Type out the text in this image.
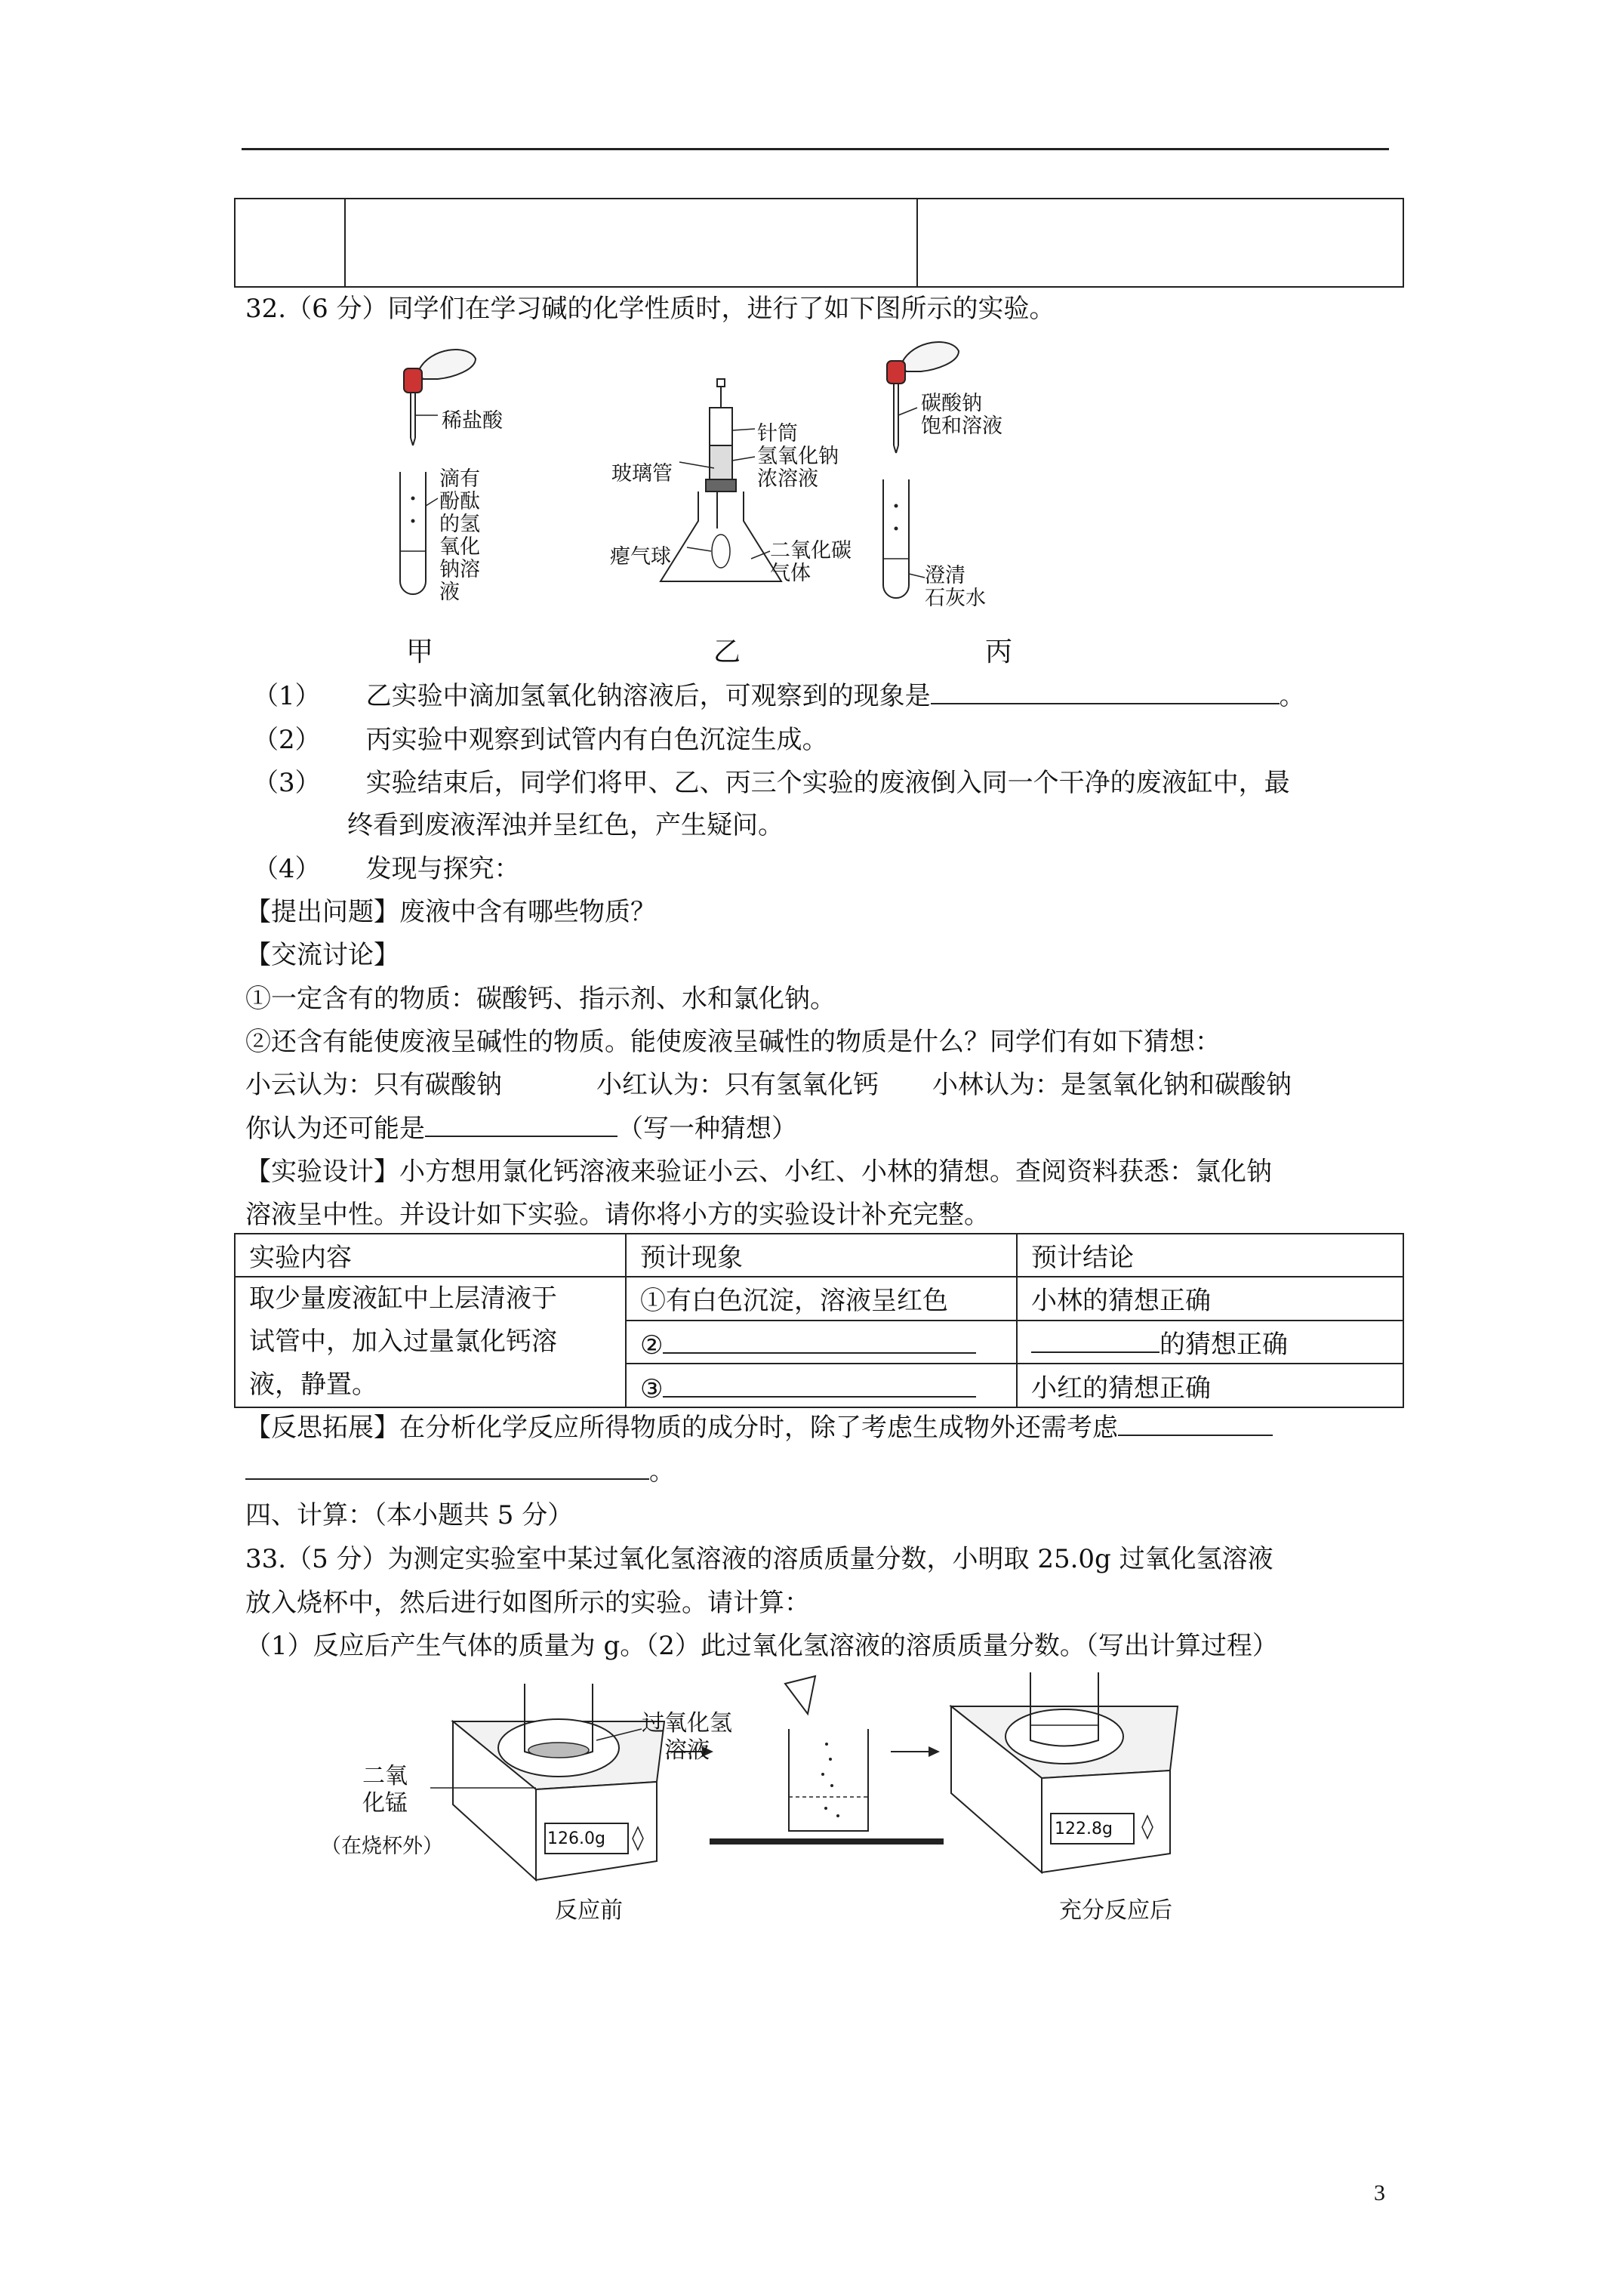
32.（6 分）同学们在学习碱的化学性质时，进行了如下图所示的实验。
稀盐酸
滴有
酚酞
的氢
氧化
钠溶
液
针筒
氢氧化钠
浓溶液
玻璃管
瘪气球	二氧化碳
气体
碳酸钠
饱和溶液
澄清
石灰水
甲	乙	丙
（1） 乙实验中滴加氢氧化钠溶液后，可观察到的现象是	。
（2） 丙实验中观察到试管内有白色沉淀生成。
（3） 实验结束后，同学们将甲、乙、丙三个实验的废液倒入同一个干净的废液缸中，最
终看到废液浑浊并呈红色，产生疑问。
（4） 发现与探究：
【提出问题】废液中含有哪些物质？
【交流讨论】
①一定含有的物质：碳酸钙、指示剂、水和氯化钠。
②还含有能使废液呈碱性的物质。能使废液呈碱性的物质是什么？同学们有如下猜想：
小云认为：只有碳酸钠	小红认为：只有氢氧化钙 小林认为：是氢氧化钠和碳酸钠
你认为还可能是	（写一种猜想）
【实验设计】小方想用氯化钙溶液来验证小云、小红、小林的猜想。查阅资料获悉：氯化钠
溶液呈中性。并设计如下实验。请你将小方的实验设计补充完整。
实验内容	预计现象	预计结论

取少量废液缸中上层清液于
试管中，加入过量氯化钙溶
液，静置。	①有白色沉淀，溶液呈红色	小林的猜想正确
	②	的猜想正确
	③	小红的猜想正确
【反思拓展】在分析化学反应所得物质的成分时，除了考虑生成物外还需考虑
。
四、计算：（本小题共 5 分）
33.（5 分）为测定实验室中某过氧化氢溶液的溶质质量分数，小明取 25.0g 过氧化氢溶液
放入烧杯中，然后进行如图所示的实验。请计算：
（1）反应后产生气体的质量为 g。（2）此过氧化氢溶液的溶质质量分数。（写出计算过程）
二氧
化锰
（在烧杯外）
过氧化氢
溶液
126.0g
122.8g
反应前	充分反应后
3
